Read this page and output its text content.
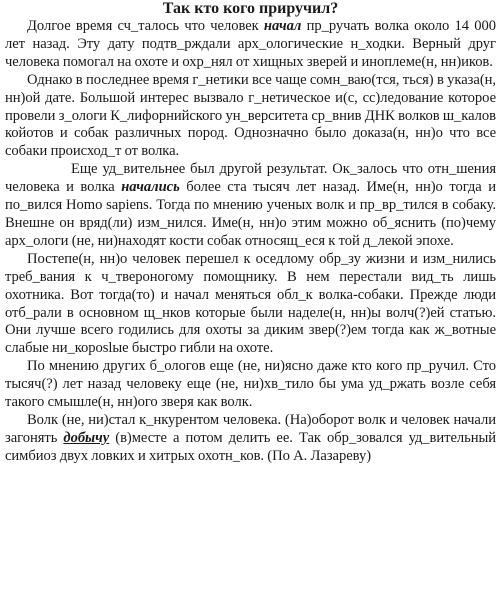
Так кто кого приручил?

Долгое время сч_талось что человек начал пр_ручать волка около 14 000 лет назад. Эту дату подтв_рждали арх_ологические н_ходки. Верный друг человека помогал на охоте и охр_нял от хищных зверей и иноплеме(н, нн)иков.

Однако в последнее время г_нетики все чаще сомн_ваю(тся, ться) в указа(н, нн)ой дате. Большой интерес вызвало г_нетическое и(с, сс)ледование которое провели з_ологи К_лифорнийского ун_верситета ср_внив ДНК волков ш_калов койотов и собак различных пород. Однозначно было доказа(н, нн)о что все собаки происход_т от волка.

Еще уд_вительнее был другой результат. Ок_залось что отн_шения человека и волка начались более ста тысяч лет назад. Име(н, нн)о тогда и по_вился Homo sapiens. Тогда по мнению ученых волк и пр_вр_тился в собаку. Внешне он вряд(ли) изм_нился. Име(н, нн)о этим можно об_яснить (по)чему арх_ологи (не, ни)находят кости собак относящ_еся к той д_лекой эпохе.

Постепе(н, нн)о человек перешел к оседлому обр_зу жизни и изм_нились треб_вания к ч_твероногому помощнику. В нем перестали вид_ть лишь охотника. Вот тогда(то) и начал меняться обл_к волка-собаки. Прежде люди отб_рали в основном щ_нков которые были наделе(н, нн)ы волч(?)ей статью. Они лучше всего годились для охоты за диким звер(?)ем тогда как ж_вотные слабые ни_короslые быстро гибли на охоте.

По мнению других б_ологов еще (не, ни)ясно даже кто кого пр_ручил. Сто тысяч(?) лет назад человеку еще (не, ни)хв_тило бы ума уд_ржать возле себя такого смышле(н, нн)ого зверя как волк.

Волк (не, ни)стал к_нкурентом человека. (На)оборот волк и человек начали загонять добычу (в)месте а потом делить ее. Так обр_зовался уд_вительный симбиоз двух ловких и хитрых охотн_ков. (По А. Лазареву)
